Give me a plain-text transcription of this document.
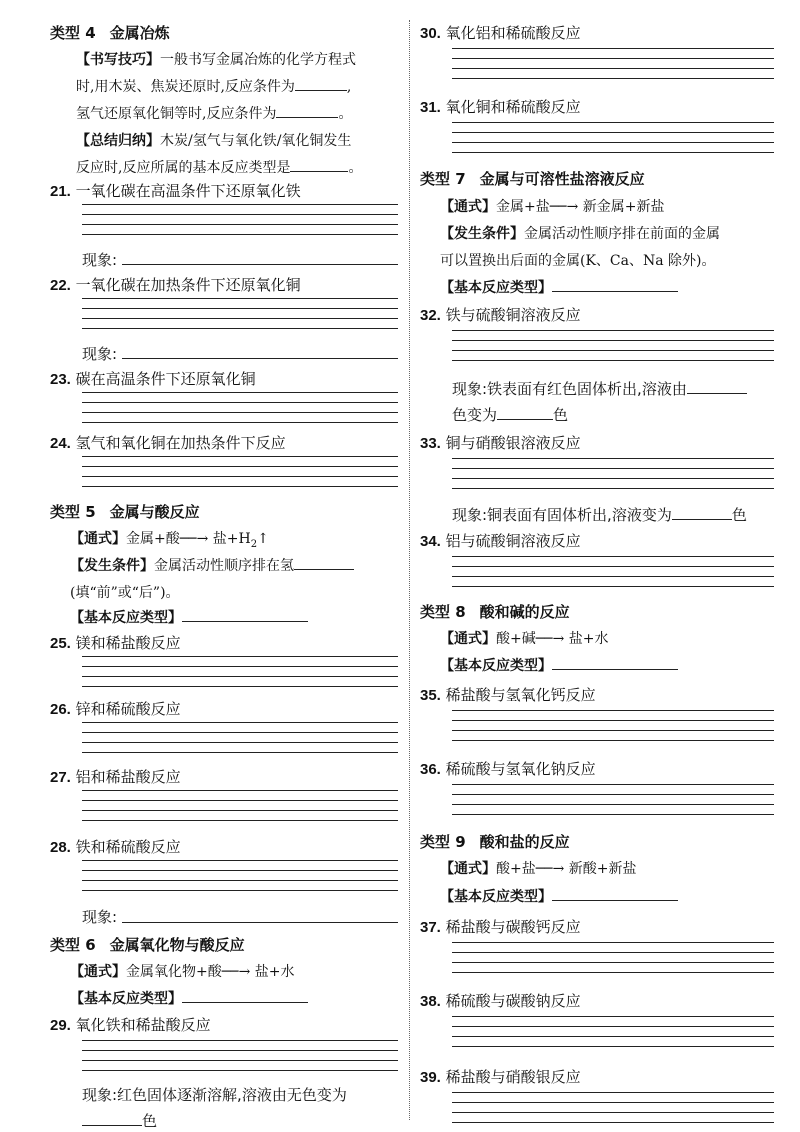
类型 4 金属冶炼
【书写技巧】一般书写金属冶炼的化学方程式
时,用木炭、焦炭还原时,反应条件为	,
氢气还原氧化铜等时,反应条件为	。
【总结归纳】木炭/氢气与氧化铁/氧化铜发生
反应时,反应所属的基本反应类型是	。
21. 一氧化碳在高温条件下还原氧化铁
现象:
22. 一氧化碳在加热条件下还原氧化铜
现象:
23. 碳在高温条件下还原氧化铜
24. 氢气和氧化铜在加热条件下反应
类型 5 金属与酸反应
【通式】金属+酸──→ 盐$+H_2↑$
【发生条件】金属活动性顺序排在氢
(填“前”或“后”)。
【基本反应类型】
25. 镁和稀盐酸反应
26. 锌和稀硫酸反应
27. 铝和稀盐酸反应
28. 铁和稀硫酸反应
现象:
类型 6 金属氧化物与酸反应
【通式】金属氧化物+酸──→ 盐+水
【基本反应类型】
29. 氧化铁和稀盐酸反应
现象:红色固体逐渐溶解,溶液由无色变为
色
30. 氧化铝和稀硫酸反应
31. 氧化铜和稀硫酸反应
类型 7 金属与可溶性盐溶液反应
【通式】金属+盐──→ 新金属+新盐
【发生条件】金属活动性顺序排在前面的金属
可以置换出后面的金属(K、Ca、Na 除外)。
【基本反应类型】
32. 铁与硫酸铜溶液反应
现象:铁表面有红色固体析出,溶液由
色变为	色
33. 铜与硝酸银溶液反应
现象:铜表面有固体析出,溶液变为	色
34. 铝与硫酸铜溶液反应
类型 8 酸和碱的反应
【通式】酸+碱──→ 盐+水
【基本反应类型】
35. 稀盐酸与氢氧化钙反应
36. 稀硫酸与氢氧化钠反应
类型 9 酸和盐的反应
【通式】酸+盐──→ 新酸+新盐
【基本反应类型】
37. 稀盐酸与碳酸钙反应
38. 稀硫酸与碳酸钠反应
39. 稀盐酸与硝酸银反应
